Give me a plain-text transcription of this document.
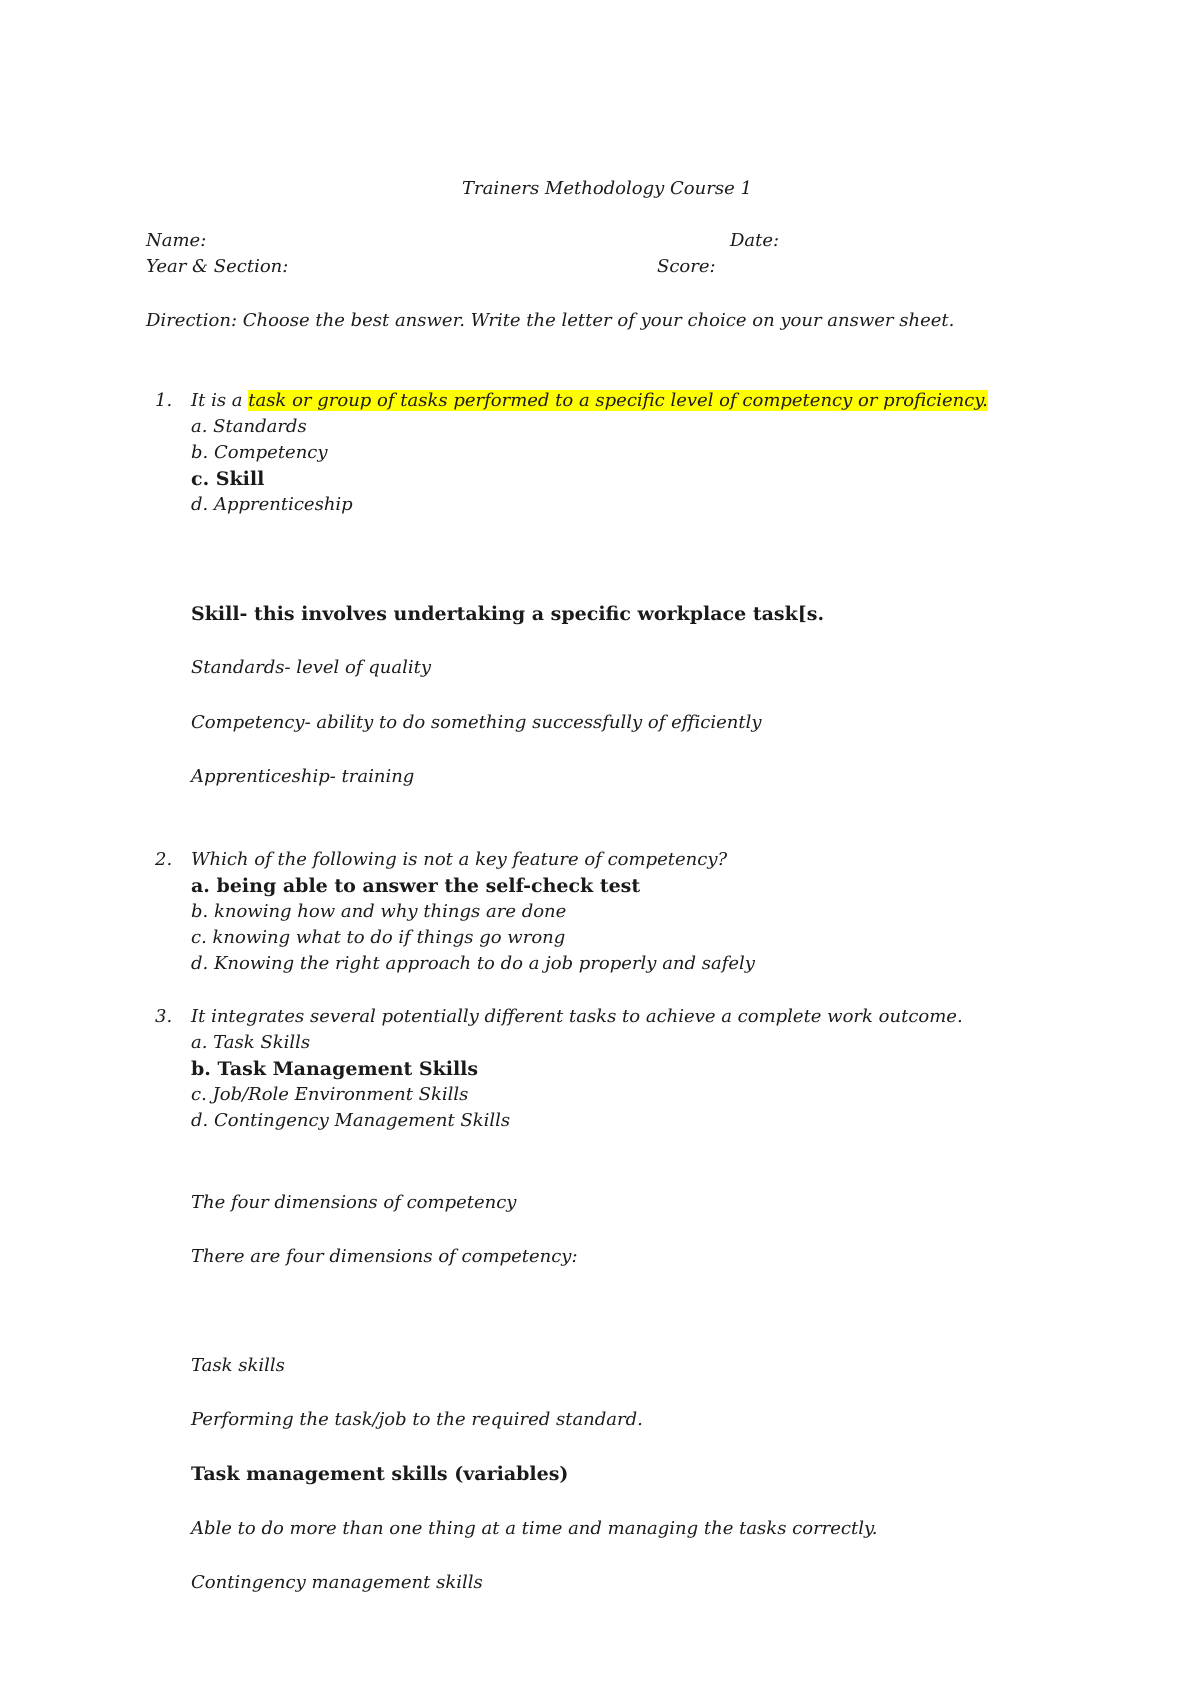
Trainers Methodology Course 1
Name:	Date:
Year & Section:	Score:
Direction: Choose the best answer. Write the letter of your choice on your answer sheet.
1. It is a task or group of tasks performed to a specific level of competency or proficiency.
a. Standards
b. Competency
c. Skill
d. Apprenticeship
Skill- this involves undertaking a specific workplace task[s.
Standards- level of quality
Competency- ability to do something successfully of efficiently
Apprenticeship- training
2. Which of the following is not a key feature of competency?
a. being able to answer the self-check test
b. knowing how and why things are done
c. knowing what to do if things go wrong
d. Knowing the right approach to do a job properly and safely
3. It integrates several potentially different tasks to achieve a complete work outcome.
a. Task Skills
b. Task Management Skills
c. Job/Role Environment Skills
d. Contingency Management Skills
The four dimensions of competency
There are four dimensions of competency:
Task skills
Performing the task/job to the required standard.
Task management skills (variables)
Able to do more than one thing at a time and managing the tasks correctly.
Contingency management skills
